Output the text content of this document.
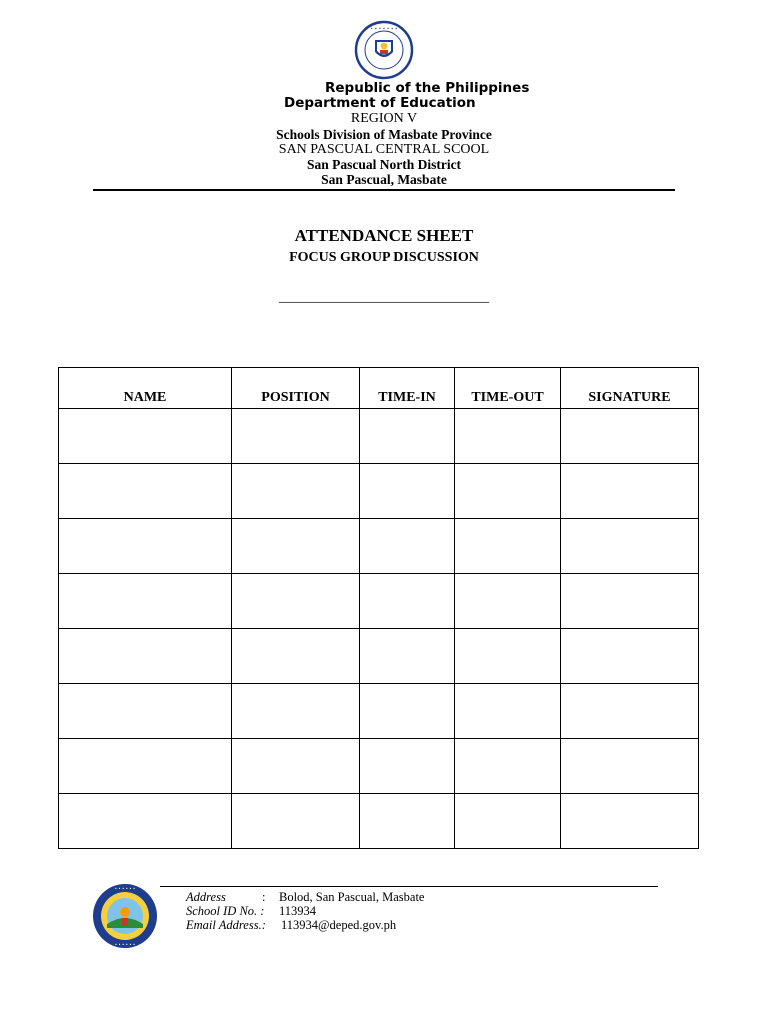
• • • • • • •
Republic of the Philippines
Department of Education
REGION V
Schools Division of Masbate Province
SAN PASCUAL CENTRAL SCOOL
San Pascual North District
San Pascual, Masbate
ATTENDANCE SHEET
FOCUS GROUP DISCUSSION
______________________________
NAME	POSITION	TIME-IN	TIME-OUT	SIGNATURE

• • • • • •
• • • • • •
Address	: Bolod, San Pascual, Masbate
School ID No. : 113934
Email Address.: 113934@deped.gov.ph
